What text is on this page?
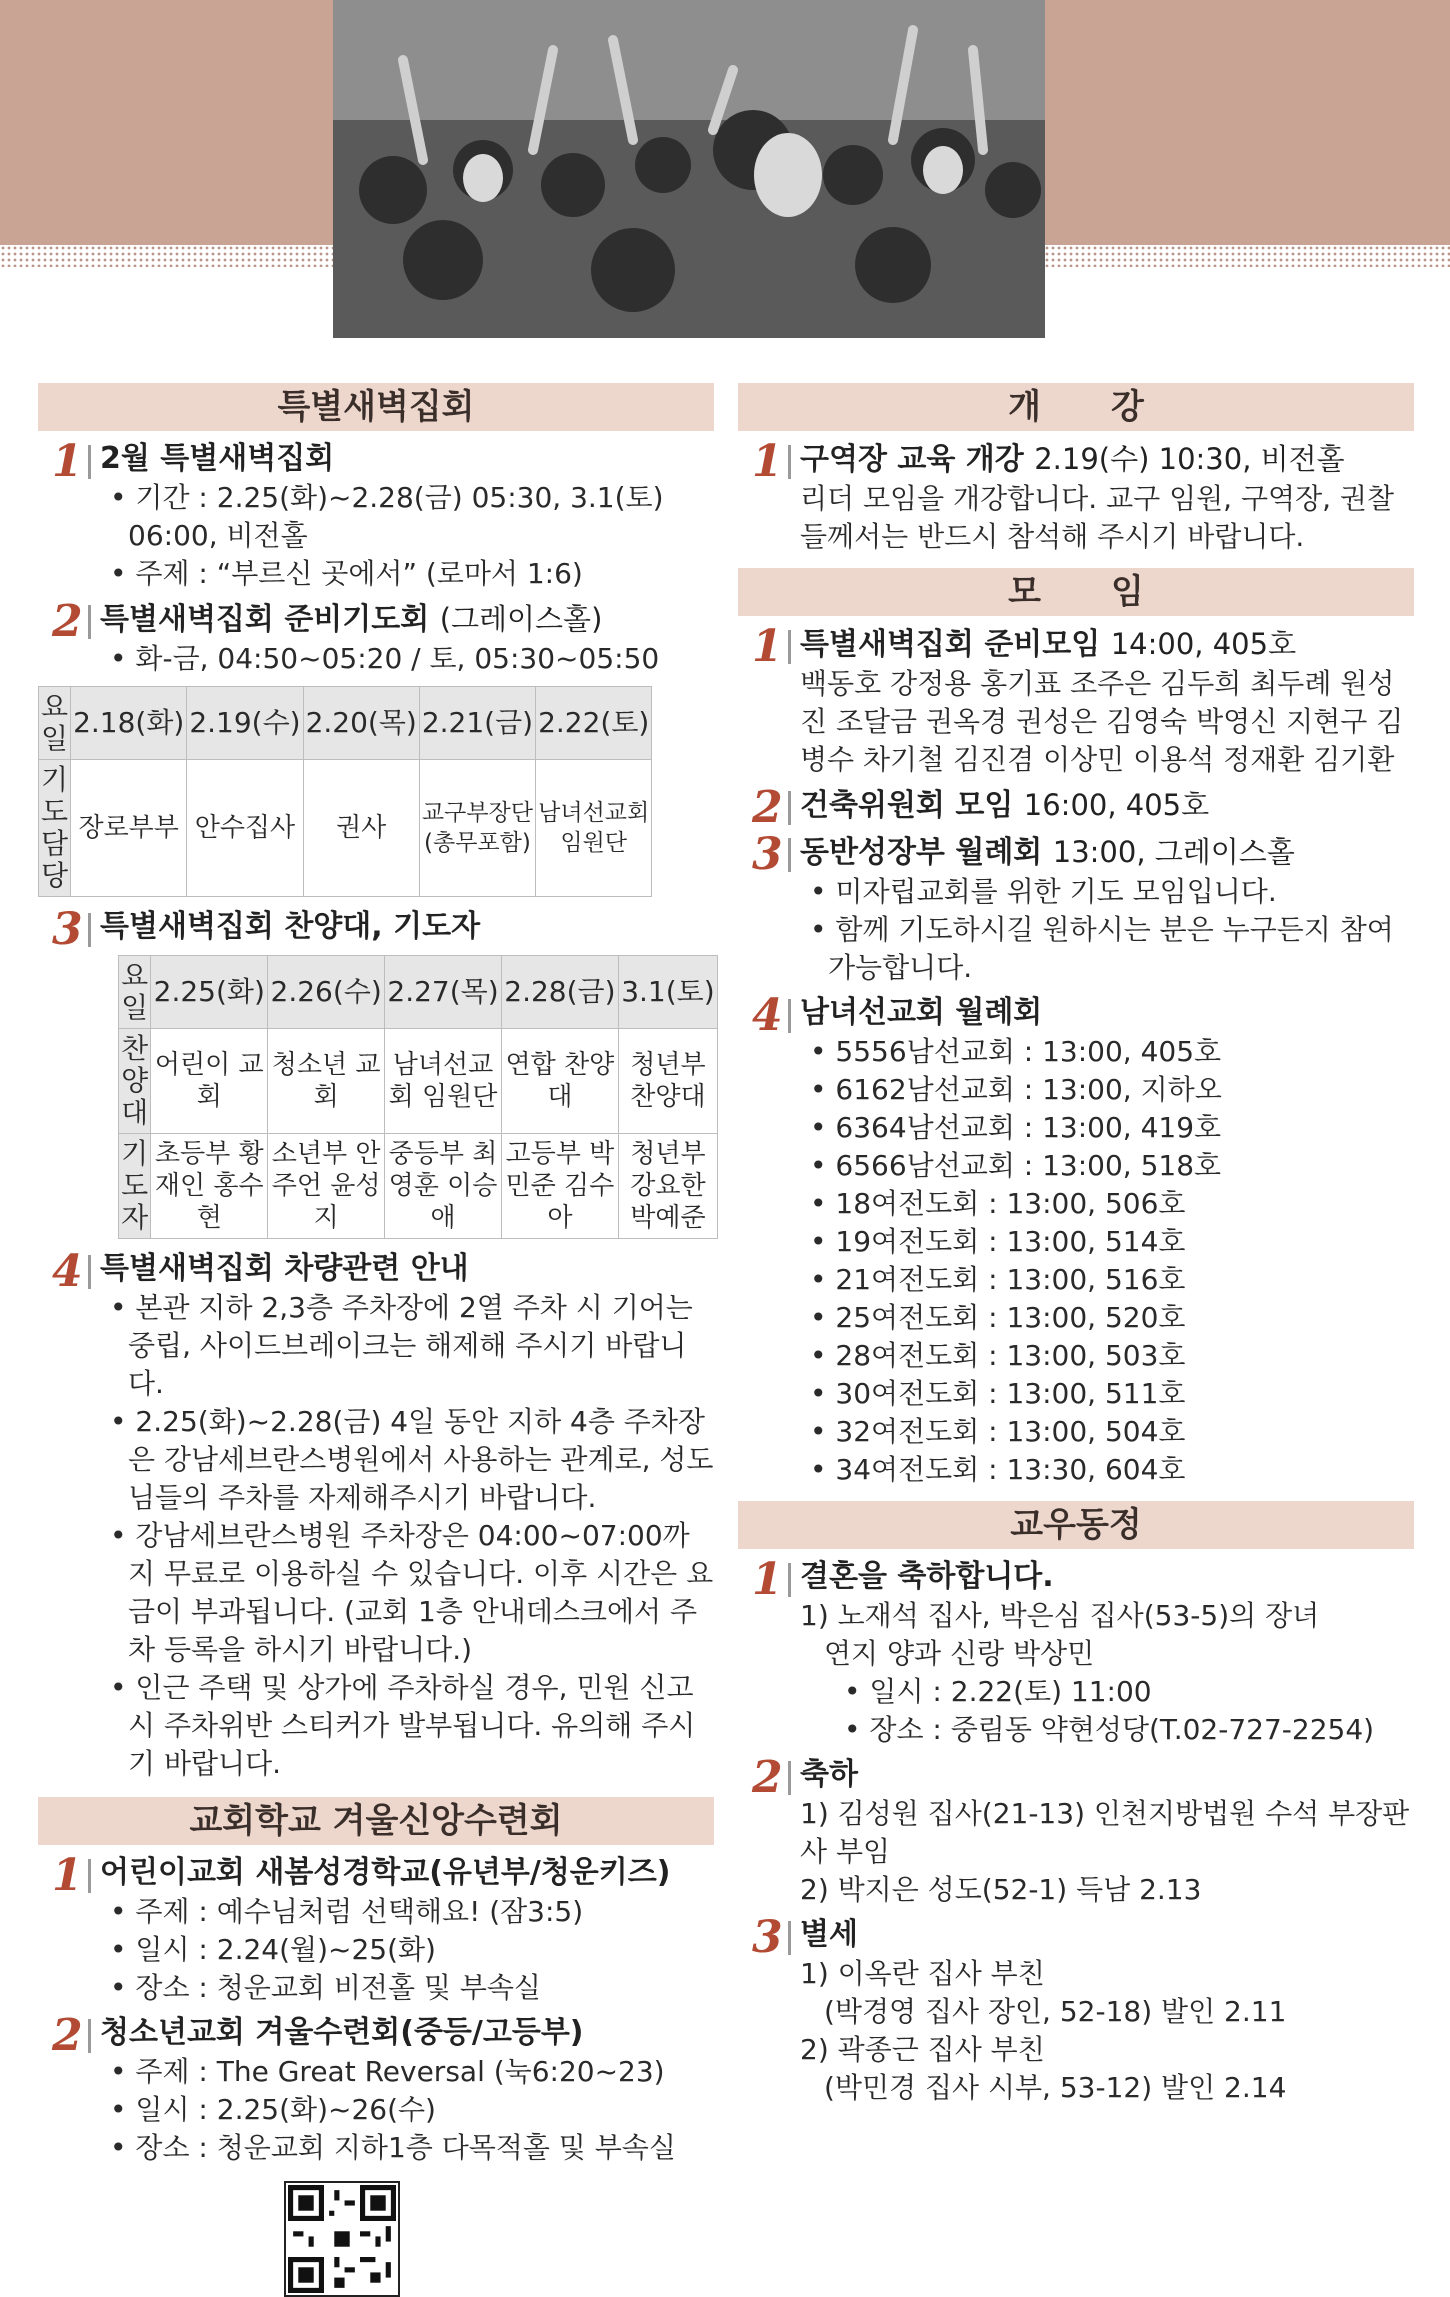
특별새벽집회
1 2월 특별새벽집회
• 기간 : 2.25(화)~2.28(금) 05:30, 3.1(토) 06:00, 비전홀
• 주제 : “부르신 곳에서” (로마서 1:6)
2 특별새벽집회 준비기도회 (그레이스홀)
• 화-금, 04:50~05:20 / 토, 05:30~05:50
요일	2.18(화)	2.19(수)	2.20(목)	2.21(금)	2.22(토)
기도 담당	장로부부	안수집사	권사	교구부장단 (총무포함)	남녀선교회 임원단
3 특별새벽집회 찬양대, 기도자
요일	2.25(화)	2.26(수)	2.27(목)	2.28(금)	3.1(토)
찬양대	어린이 교회	청소년 교회	남녀선교회 임원단	연합 찬양대	청년부 찬양대
기도자	초등부 황재인 홍수현	소년부 안주언 윤성지	중등부 최영훈 이승애	고등부 박민준 김수아	청년부 강요한 박예준
4 특별새벽집회 차량관련 안내
• 본관 지하 2,3층 주차장에 2열 주차 시 기어는 중립, 사이드브레이크는 해제해 주시기 바랍니다.
• 2.25(화)~2.28(금) 4일 동안 지하 4층 주차장은 강남세브란스병원에서 사용하는 관계로, 성도님들의 주차를 자제해주시기 바랍니다.
• 강남세브란스병원 주차장은 04:00~07:00까지 무료로 이용하실 수 있습니다. 이후 시간은 요금이 부과됩니다. (교회 1층 안내데스크에서 주차 등록을 하시기 바랍니다.)
• 인근 주택 및 상가에 주차하실 경우, 민원 신고시 주차위반 스티커가 발부됩니다. 유의해 주시기 바랍니다.
교회학교 겨울신앙수련회
1 어린이교회 새봄성경학교(유년부/청운키즈)
• 주제 : 예수님처럼 선택해요! (잠3:5)
• 일시 : 2.24(월)~25(화)
• 장소 : 청운교회 비전홀 및 부속실
2 청소년교회 겨울수련회(중등/고등부)
• 주제 : The Great Reversal (눅6:20~23)
• 일시 : 2.25(화)~26(수)
• 장소 : 청운교회 지하1층 다목적홀 및 부속실
개강
1 구역장 교육 개강 2.19(수) 10:30, 비전홀
리더 모임을 개강합니다. 교구 임원, 구역장, 권찰들께서는 반드시 참석해 주시기 바랍니다.
모임
1 특별새벽집회 준비모임 14:00, 405호
백동호 강정용 홍기표 조주은 김두희 최두례 원성진 조달금 권옥경 권성은 김영숙 박영신 지현구 김병수 차기철 김진겸 이상민 이용석 정재환 김기환
2 건축위원회 모임 16:00, 405호
3 동반성장부 월례회 13:00, 그레이스홀
• 미자립교회를 위한 기도 모임입니다.
• 함께 기도하시길 원하시는 분은 누구든지 참여 가능합니다.
4 남녀선교회 월례회
• 5556남선교회 : 13:00, 405호
• 6162남선교회 : 13:00, 지하오
• 6364남선교회 : 13:00, 419호
• 6566남선교회 : 13:00, 518호
• 18여전도회 : 13:00, 506호
• 19여전도회 : 13:00, 514호
• 21여전도회 : 13:00, 516호
• 25여전도회 : 13:00, 520호
• 28여전도회 : 13:00, 503호
• 30여전도회 : 13:00, 511호
• 32여전도회 : 13:00, 504호
• 34여전도회 : 13:30, 604호
교우동정
1 결혼을 축하합니다.
1) 노재석 집사, 박은심 집사(53-5)의 장녀
연지 양과 신랑 박상민
• 일시 : 2.22(토) 11:00
• 장소 : 중림동 약현성당(T.02-727-2254)
2 축하
1) 김성원 집사(21-13) 인천지방법원 수석 부장판사 부임
2) 박지은 성도(52-1) 득남 2.13
3 별세
1) 이옥란 집사 부친
(박경영 집사 장인, 52-18) 발인 2.11
2) 곽종근 집사 부친
(박민경 집사 시부, 53-12) 발인 2.14
